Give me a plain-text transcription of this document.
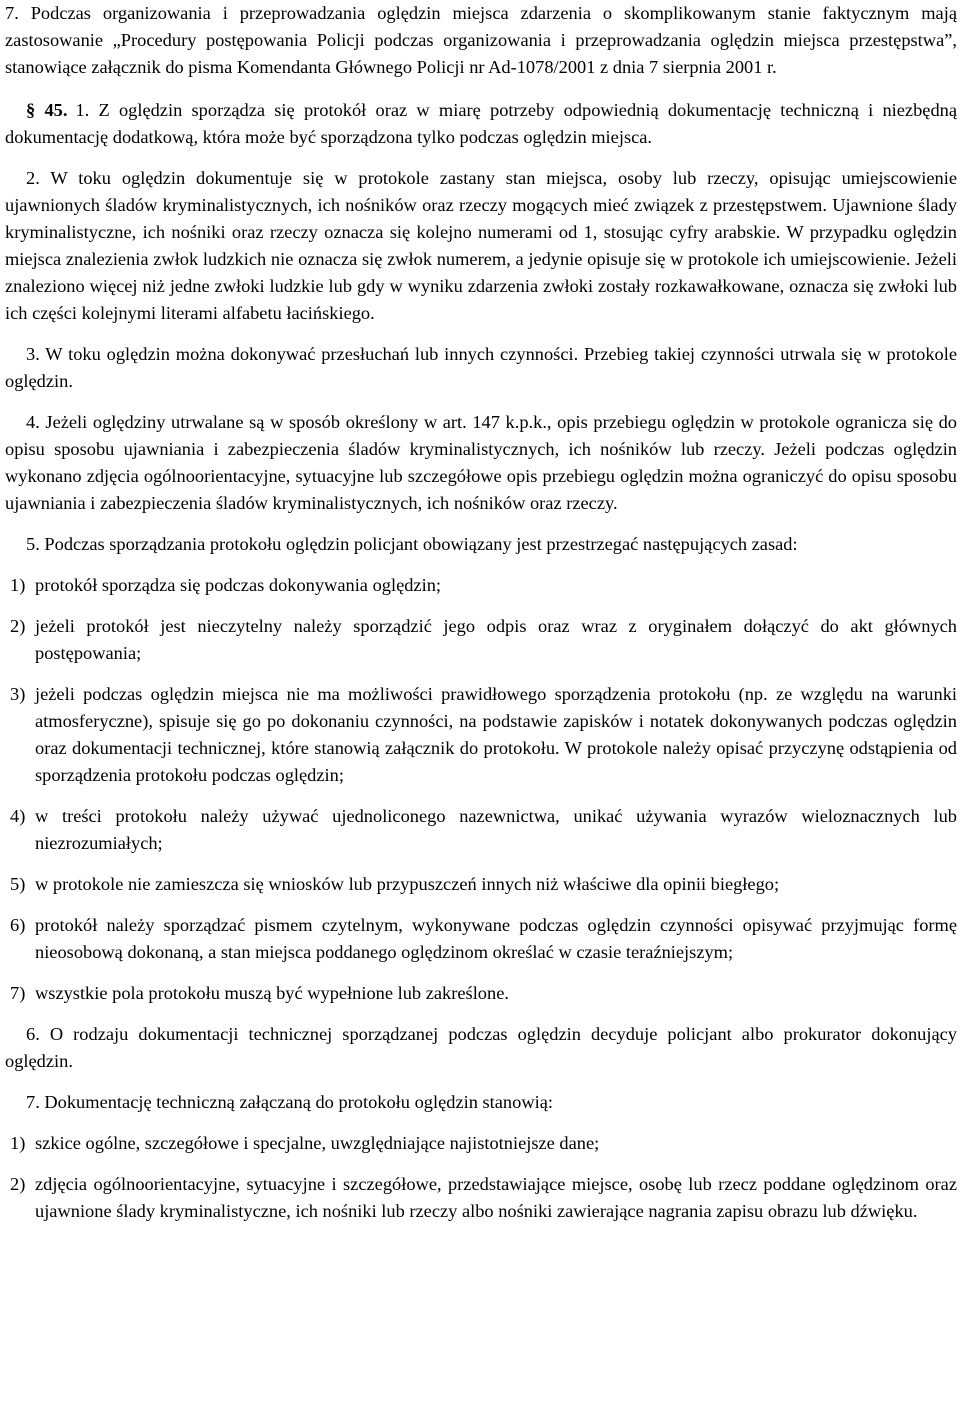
7. Podczas organizowania i przeprowadzania oględzin miejsca zdarzenia o skomplikowanym stanie faktycznym mają zastosowanie „Procedury postępowania Policji podczas organizowania i przeprowadzania oględzin miejsca przestępstwa”, stanowiące załącznik do pisma Komendanta Głównego Policji nr Ad-1078/2001 z dnia 7 sierpnia 2001 r.

§ 45. 1. Z oględzin sporządza się protokół oraz w miarę potrzeby odpowiednią dokumentację techniczną i niezbędną dokumentację dodatkową, która może być sporządzona tylko podczas oględzin miejsca.

2. W toku oględzin dokumentuje się w protokole zastany stan miejsca, osoby lub rzeczy, opisując umiejscowienie ujawnionych śladów kryminalistycznych, ich nośników oraz rzeczy mogących mieć związek z przestępstwem. Ujawnione ślady kryminalistyczne, ich nośniki oraz rzeczy oznacza się kolejno numerami od 1, stosując cyfry arabskie. W przypadku oględzin miejsca znalezienia zwłok ludzkich nie oznacza się zwłok numerem, a jedynie opisuje się w protokole ich umiejscowienie. Jeżeli znaleziono więcej niż jedne zwłoki ludzkie lub gdy w wyniku zdarzenia zwłoki zostały rozkawałkowane, oznacza się zwłoki lub ich części kolejnymi literami alfabetu łacińskiego.

3. W toku oględzin można dokonywać przesłuchań lub innych czynności. Przebieg takiej czynności utrwala się w protokole oględzin.

4. Jeżeli oględziny utrwalane są w sposób określony w art. 147 k.p.k., opis przebiegu oględzin w protokole ogranicza się do opisu sposobu ujawniania i zabezpieczenia śladów kryminalistycznych, ich nośników lub rzeczy. Jeżeli podczas oględzin wykonano zdjęcia ogólnoorientacyjne, sytuacyjne lub szczegółowe opis przebiegu oględzin można ograniczyć do opisu sposobu ujawniania i zabezpieczenia śladów kryminalistycznych, ich nośników oraz rzeczy.

5. Podczas sporządzania protokołu oględzin policjant obowiązany jest przestrzegać następujących zasad:

1) protokół sporządza się podczas dokonywania oględzin;
2) jeżeli protokół jest nieczytelny należy sporządzić jego odpis oraz wraz z oryginałem dołączyć do akt głównych postępowania;
3) jeżeli podczas oględzin miejsca nie ma możliwości prawidłowego sporządzenia protokołu (np. ze względu na warunki atmosferyczne), spisuje się go po dokonaniu czynności, na podstawie zapisków i notatek dokonywanych podczas oględzin oraz dokumentacji technicznej, które stanowią załącznik do protokołu. W protokole należy opisać przyczynę odstąpienia od sporządzenia protokołu podczas oględzin;
4) w treści protokołu należy używać ujednoliconego nazewnictwa, unikać używania wyrazów wieloznacznych lub niezrozumiałych;
5) w protokole nie zamieszcza się wniosków lub przypuszczeń innych niż właściwe dla opinii biegłego;
6) protokół należy sporządzać pismem czytelnym, wykonywane podczas oględzin czynności opisywać przyjmując formę nieosobową dokonaną, a stan miejsca poddanego oględzinom określać w czasie teraźniejszym;
7) wszystkie pola protokołu muszą być wypełnione lub zakreślone.

6. O rodzaju dokumentacji technicznej sporządzanej podczas oględzin decyduje policjant albo prokurator dokonujący oględzin.

7. Dokumentację techniczną załączaną do protokołu oględzin stanowią:

1) szkice ogólne, szczegółowe i specjalne, uwzględniające najistotniejsze dane;
2) zdjęcia ogólnoorientacyjne, sytuacyjne i szczegółowe, przedstawiające miejsce, osobę lub rzecz poddane oględzinom oraz ujawnione ślady kryminalistyczne, ich nośniki lub rzeczy albo nośniki zawierające nagrania zapisu obrazu lub dźwięku.
